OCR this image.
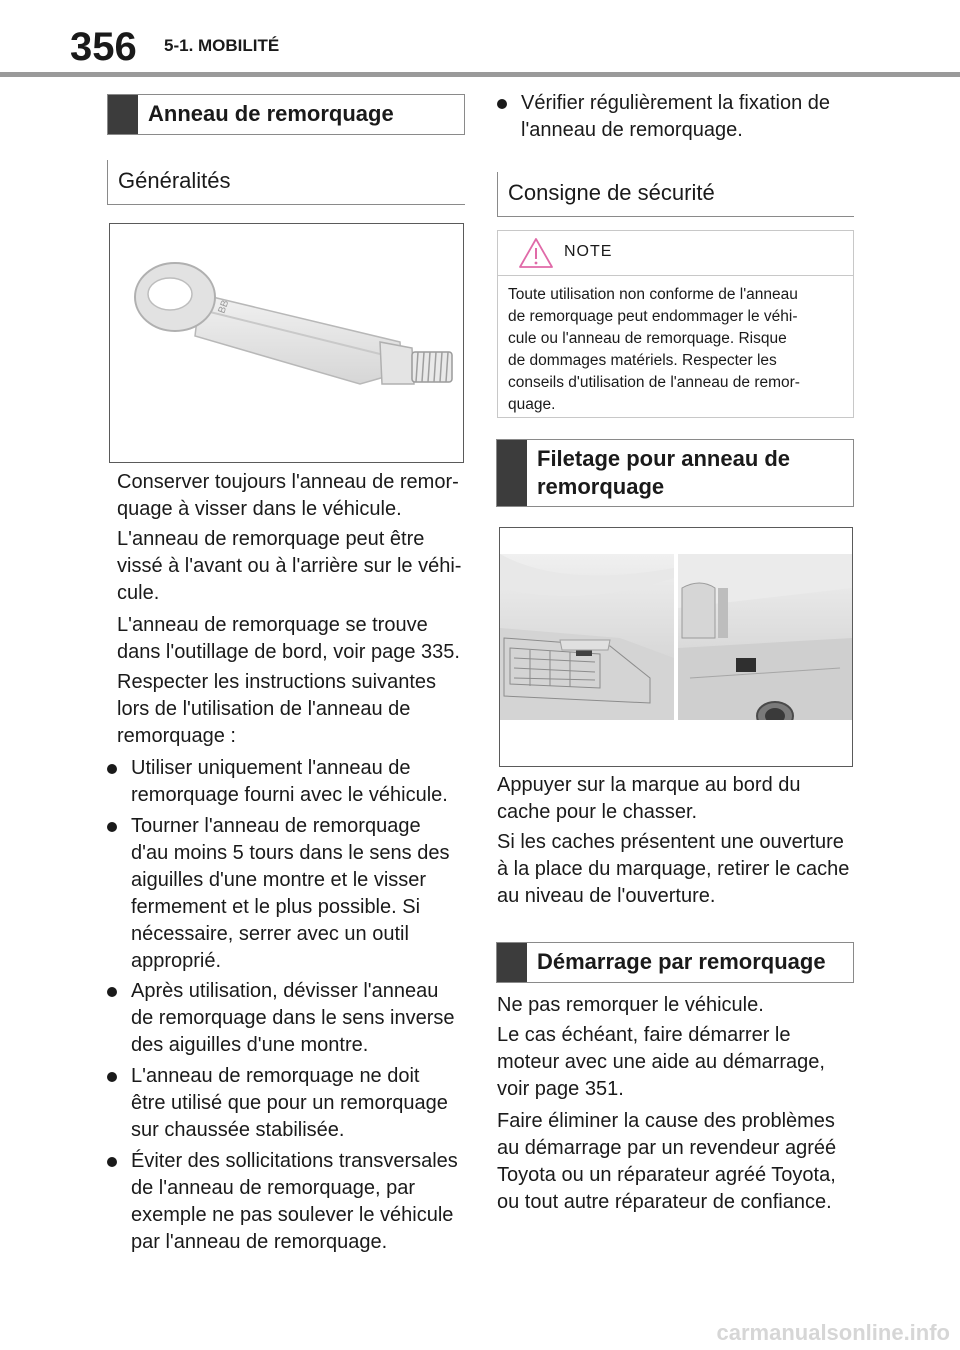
356 5-1. MOBILITÉ
Anneau de remorquage
Généralités
BB
Conserver toujours l'anneau de remor-
quage à visser dans le véhicule.
L'anneau de remorquage peut être
vissé à l'avant ou à l'arrière sur le véhi-
cule.
L'anneau de remorquage se trouve
dans l'outillage de bord, voir page 335.
Respecter les instructions suivantes
lors de l'utilisation de l'anneau de
remorquage :
Utiliser uniquement l'anneau de
remorquage fourni avec le véhicule.
Tourner l'anneau de remorquage
d'au moins 5 tours dans le sens des
aiguilles d'une montre et le visser
fermement et le plus possible. Si
nécessaire, serrer avec un outil
approprié.
Après utilisation, dévisser l'anneau
de remorquage dans le sens inverse
des aiguilles d'une montre.
L'anneau de remorquage ne doit
être utilisé que pour un remorquage
sur chaussée stabilisée.
Éviter des sollicitations transversales
de l'anneau de remorquage, par
exemple ne pas soulever le véhicule
par l'anneau de remorquage.
Vérifier régulièrement la fixation de
l'anneau de remorquage.
Consigne de sécurité
NOTE
Toute utilisation non conforme de l'anneau
de remorquage peut endommager le véhi-
cule ou l'anneau de remorquage. Risque
de dommages matériels. Respecter les
conseils d'utilisation de l'anneau de remor-
quage.
Filetage pour anneau de
remorquage
Appuyer sur la marque au bord du
cache pour le chasser.
Si les caches présentent une ouverture
à la place du marquage, retirer le cache
au niveau de l'ouverture.
Démarrage par remorquage
Ne pas remorquer le véhicule.
Le cas échéant, faire démarrer le
moteur avec une aide au démarrage,
voir page 351.
Faire éliminer la cause des problèmes
au démarrage par un revendeur agréé
Toyota ou un réparateur agréé Toyota,
ou tout autre réparateur de confiance.
carmanualsonline.info
